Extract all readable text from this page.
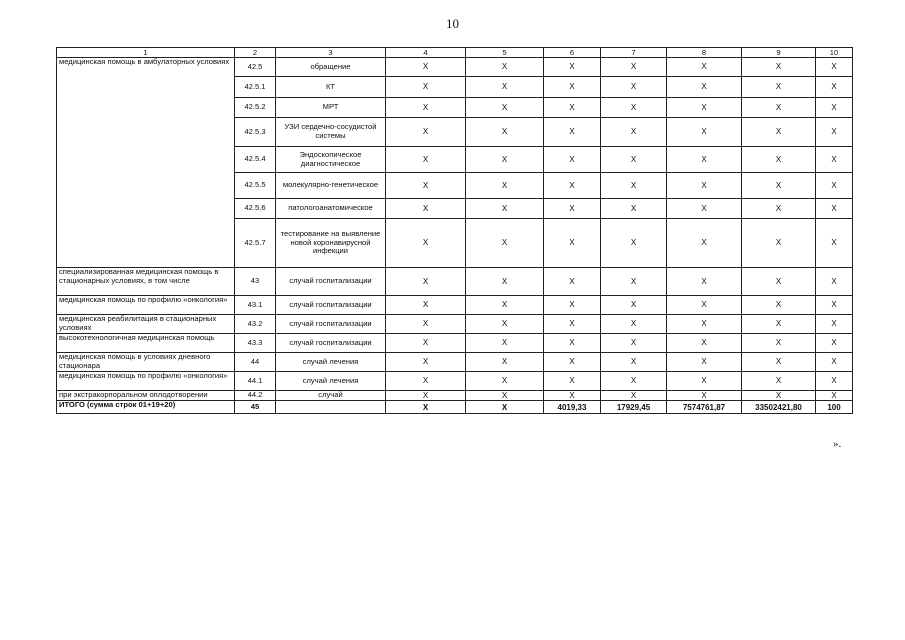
10
1	2	3	4	5	6	7	8	9	10
медицинская помощь в амбулаторных условиях	42.5	обращение	X	X	X	X	X	X	X
	42.5.1	КТ	X	X	X	X	X	X	X
	42.5.2	МРТ	X	X	X	X	X	X	X
	42.5.3	УЗИ сердечно-сосудистой системы	X	X	X	X	X	X	X
	42.5.4	Эндоскопическое диагностическое	X	X	X	X	X	X	X
	42.5.5	молекулярно-генетическое	X	X	X	X	X	X	X
	42.5.6	патологоанатомическое	X	X	X	X	X	X	X
	42.5.7	тестирование на выявление новой коронавирусной инфекции	X	X	X	X	X	X	X
специализированная медицинская помощь в стационарных условиях, в том числе	43	случай госпитализации	X	X	X	X	X	X	X
медицинская помощь по профилю «онкология»	43.1	случай госпитализации	X	X	X	X	X	X	X
медицинская реабилитация в стационарных условиях	43.2	случай госпитализации	X	X	X	X	X	X	X
высокотехнологичная медицинская помощь	43.3	случай госпитализации	X	X	X	X	X	X	X
медицинская помощь в условиях дневного стационара	44	случай лечения	X	X	X	X	X	X	X
медицинская помощь по профилю «онкология»	44.1	случай лечения	X	X	X	X	X	X	X
при экстракорпоральном оплодотворении	44.2	случай	X	X	X	X	X	X	X
ИТОГО (сумма строк 01+19+20)	45		X	X	4019,33	17929,45	7574761,87	33502421,80	100
».
